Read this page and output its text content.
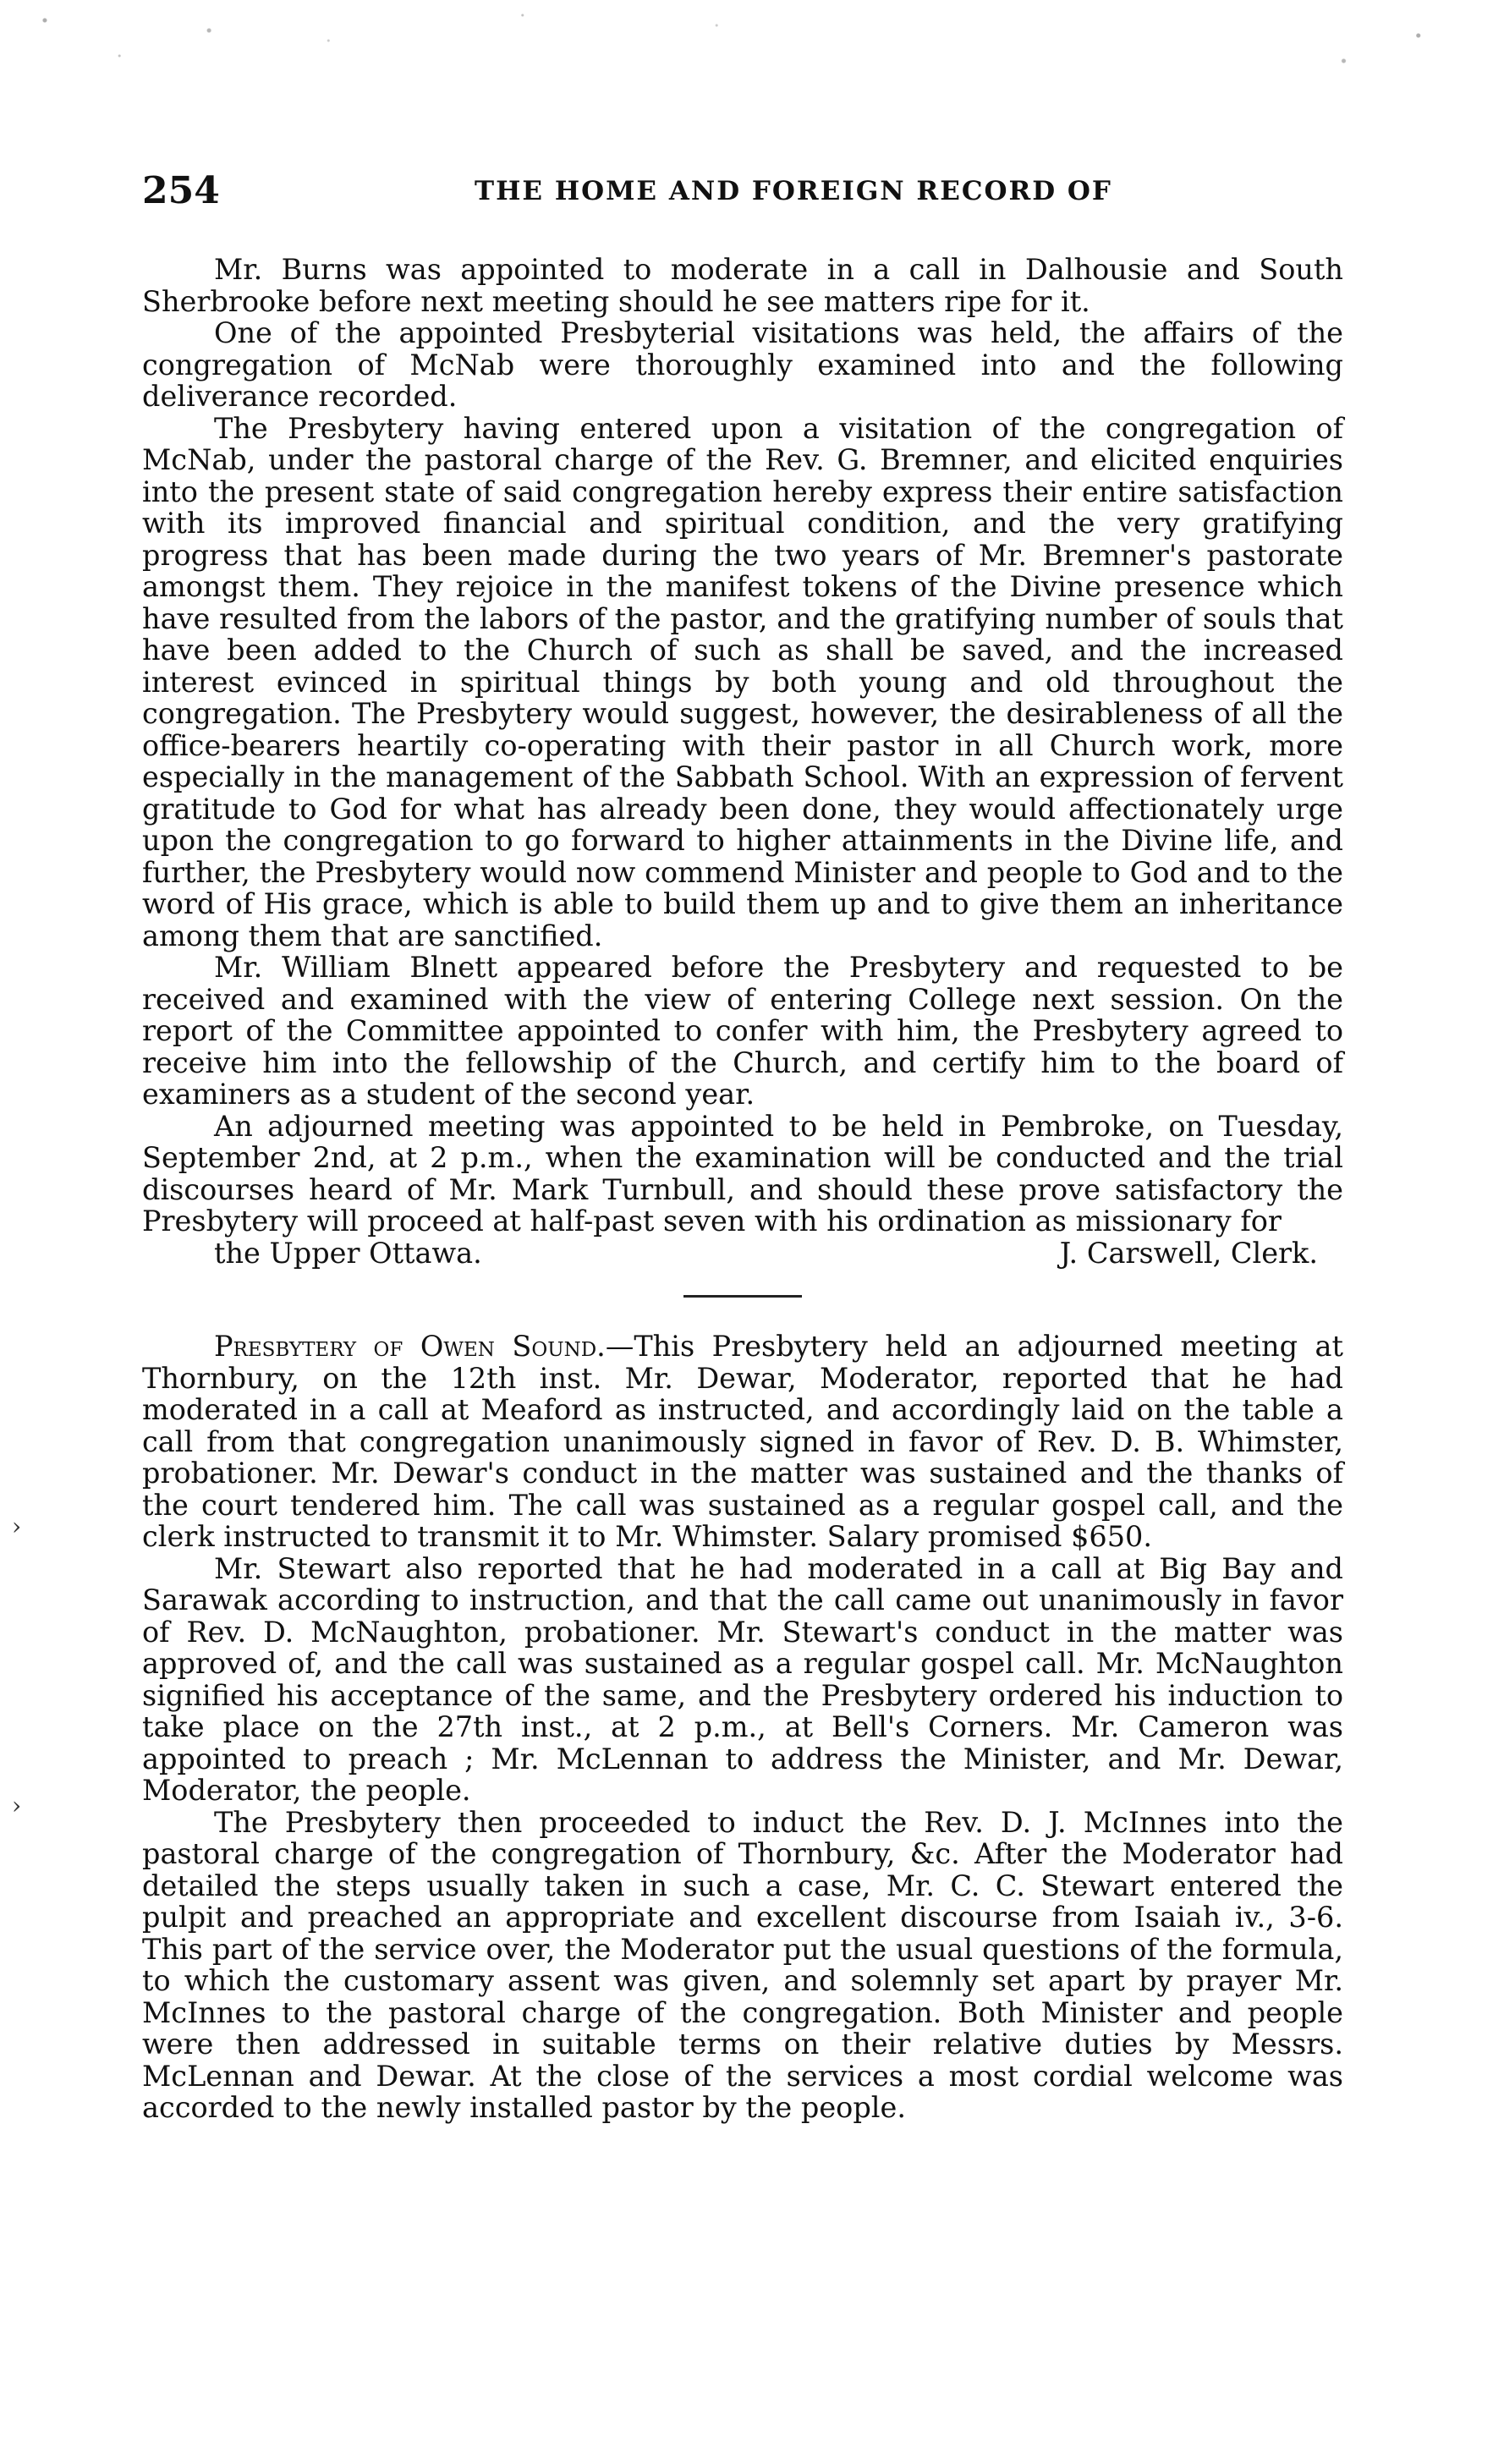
254	THE HOME AND FOREIGN RECORD OF
›
›

Mr. Burns was appointed to moderate in a call in Dalhousie and South Sherbrooke before next meeting should he see matters ripe for it.

One of the appointed Presbyterial visitations was held, the affairs of the congregation of McNab were thoroughly examined into and the following deliverance recorded.

The Presbytery having entered upon a visitation of the congregation of McNab, under the pastoral charge of the Rev. G. Bremner, and elicited enquiries into the present state of said congregation hereby express their entire satisfaction with its improved financial and spiritual condition, and the very gratifying progress that has been made during the two years of Mr. Bremner's pastorate amongst them. They rejoice in the manifest tokens of the Divine presence which have resulted from the labors of the pastor, and the gratifying number of souls that have been added to the Church of such as shall be saved, and the increased interest evinced in spiritual things by both young and old throughout the congregation. The Presbytery would suggest, however, the desirableness of all the office-bearers heartily co-operating with their pastor in all Church work, more especially in the management of the Sabbath School. With an expression of fervent gratitude to God for what has already been done, they would affectionately urge upon the congregation to go forward to higher attainments in the Divine life, and further, the Presbytery would now commend Minister and people to God and to the word of His grace, which is able to build them up and to give them an inheritance among them that are sanctified.

Mr. William Blnett appeared before the Presbytery and requested to be received and examined with the view of entering College next session. On the report of the Committee appointed to confer with him, the Presbytery agreed to receive him into the fellowship of the Church, and certify him to the board of examiners as a student of the second year.

An adjourned meeting was appointed to be held in Pembroke, on Tuesday, September 2nd, at 2 p.m., when the examination will be conducted and the trial discourses heard of Mr. Mark Turnbull, and should these prove satisfactory the Presbytery will proceed at half-past seven with his ordination as missionary for

the Upper Ottawa.	J. Carswell, Clerk.

Presbytery of Owen Sound.—This Presbytery held an adjourned meeting at Thornbury, on the 12th inst. Mr. Dewar, Moderator, reported that he had moderated in a call at Meaford as instructed, and accordingly laid on the table a call from that congregation unanimously signed in favor of Rev. D. B. Whimster, probationer. Mr. Dewar's conduct in the matter was sustained and the thanks of the court tendered him. The call was sustained as a regular gospel call, and the clerk instructed to transmit it to Mr. Whimster. Salary promised $650.

Mr. Stewart also reported that he had moderated in a call at Big Bay and Sarawak according to instruction, and that the call came out unanimously in favor of Rev. D. McNaughton, probationer. Mr. Stewart's conduct in the matter was approved of, and the call was sustained as a regular gospel call. Mr. McNaughton signified his acceptance of the same, and the Presbytery ordered his induction to take place on the 27th inst., at 2 p.m., at Bell's Corners. Mr. Cameron was appointed to preach ; Mr. McLennan to address the Minister, and Mr. Dewar, Moderator, the people.

The Presbytery then proceeded to induct the Rev. D. J. McInnes into the pastoral charge of the congregation of Thornbury, &c. After the Moderator had detailed the steps usually taken in such a case, Mr. C. C. Stewart entered the pulpit and preached an appropriate and excellent discourse from Isaiah iv., 3-6. This part of the service over, the Moderator put the usual questions of the formula, to which the customary assent was given, and solemnly set apart by prayer Mr. McInnes to the pastoral charge of the congregation. Both Minister and people were then addressed in suitable terms on their relative duties by Messrs. McLennan and Dewar. At the close of the services a most cordial welcome was accorded to the newly installed pastor by the people.
